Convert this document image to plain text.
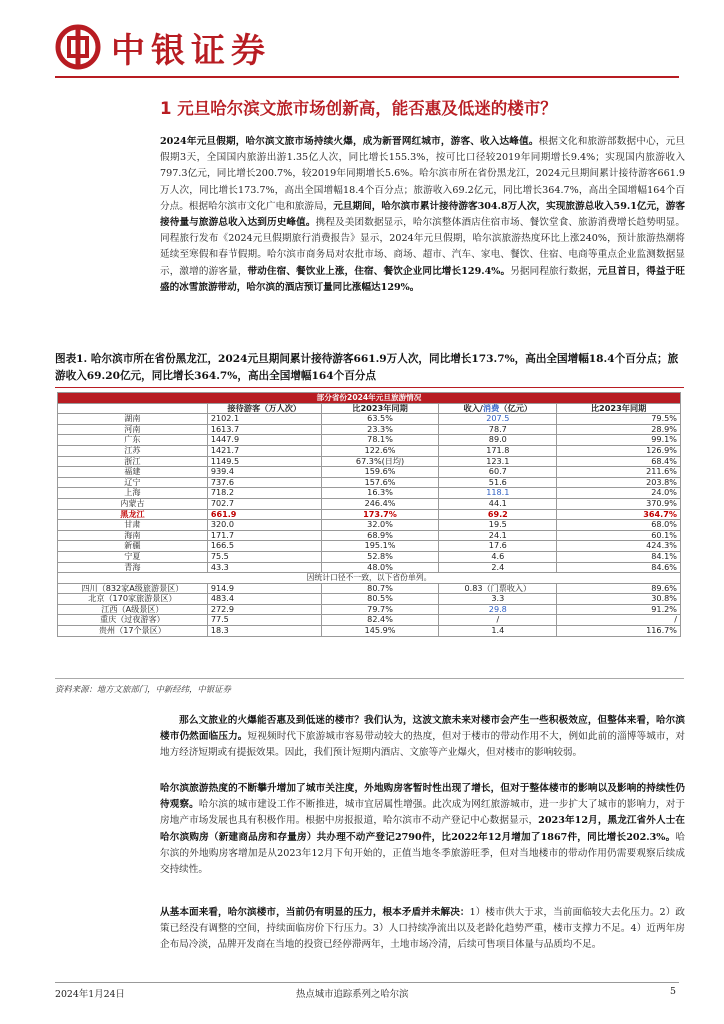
中银证券
1 元旦哈尔滨文旅市场创新高，能否惠及低迷的楼市？
2024年元旦假期，哈尔滨文旅市场持续火爆，成为新晋网红城市，游客、收入达峰值。根据文化和旅游部数据中心，元旦假期3天，全国国内旅游出游1.35亿人次，同比增长155.3%，按可比口径较2019年同期增长9.4%；实现国内旅游收入797.3亿元，同比增长200.7%，较2019年同期增长5.6%。哈尔滨市所在省份黑龙江，2024元旦期间累计接待游客661.9万人次，同比增长173.7%，高出全国增幅18.4个百分点；旅游收入69.2亿元，同比增长364.7%，高出全国增幅164个百分点。根据哈尔滨市文化广电和旅游局，元旦期间，哈尔滨市累计接待游客304.8万人次，实现旅游总收入59.1亿元，游客接待量与旅游总收入达到历史峰值。携程及美团数据显示，哈尔滨整体酒店住宿市场、餐饮堂食、旅游消费增长趋势明显。同程旅行发布《2024元旦假期旅行消费报告》显示，2024年元旦假期，哈尔滨旅游热度环比上涨240%，预计旅游热潮将延续至寒假和春节假期。哈尔滨市商务局对农批市场、商场、超市、汽车、家电、餐饮、住宿、电商等重点企业监测数据显示，激增的游客量，带动住宿、餐饮业上涨，住宿、餐饮企业同比增长129.4%。另据同程旅行数据，元旦首日，得益于旺盛的冰雪旅游带动，哈尔滨的酒店预订量同比涨幅达129%。
图表1. 哈尔滨市所在省份黑龙江，2024元旦期间累计接待游客661.9万人次，同比增长173.7%，高出全国增幅18.4个百分点；旅游收入69.20亿元，同比增长364.7%，高出全国增幅164个百分点
部分省份2024年元旦旅游情况				
	接待游客（万人次）	比2023年同期	收入/消费（亿元）	比2023年同期
湖南	2102.1	63.5%	207.5	79.5%
河南	1613.7	23.3%	78.7	28.9%
广东	1447.9	78.1%	89.0	99.1%
江苏	1421.7	122.6%	171.8	126.9%
浙江	1149.5	67.3%(日均)	123.1	68.4%
福建	939.4	159.6%	60.7	211.6%
辽宁	737.6	157.6%	51.6	203.8%
上海	718.2	16.3%	118.1	24.0%
内蒙古	702.7	246.4%	44.1	370.9%
黑龙江	661.9	173.7%	69.2	364.7%
甘肃	320.0	32.0%	19.5	68.0%
海南	171.7	68.9%	24.1	60.1%
新疆	166.5	195.1%	17.6	424.3%
宁夏	75.5	52.8%	4.6	84.1%
青海	43.3	48.0%	2.4	84.6%
因统计口径不一致，以下省份单列。				
四川（832家A级旅游景区）	914.9	80.7%	0.83（门票收入）	89.6%
北京（170家旅游景区）	483.4	80.5%	3.3	30.8%
江西（A级景区）	272.9	79.7%	29.8	91.2%
重庆（过夜游客）	77.5	82.4%	/	/
贵州（17个景区）	18.3	145.9%	1.4	116.7%
资料来源：地方文旅部门，中新经纬，中银证券
那么文旅业的火爆能否惠及到低迷的楼市？我们认为，这波文旅未来对楼市会产生一些积极效应，但整体来看，哈尔滨楼市仍然面临压力。短视频时代下旅游城市容易带动较大的热度，但对于楼市的带动作用不大，例如此前的淄博等城市，对地方经济短期或有提振效果。因此，我们预计短期内酒店、文旅等产业爆火，但对楼市的影响较弱。
哈尔滨旅游热度的不断攀升增加了城市关注度，外地购房客暂时性出现了增长，但对于整体楼市的影响以及影响的持续性仍待观察。哈尔滨的城市建设工作不断推进，城市宜居属性增强。此次成为网红旅游城市，进一步扩大了城市的影响力，对于房地产市场发展也具有积极作用。根据中房报报道，哈尔滨市不动产登记中心数据显示，2023年12月，黑龙江省外人士在哈尔滨购房（新建商品房和存量房）共办理不动产登记2790件，比2022年12月增加了1867件，同比增长202.3%。哈尔滨的外地购房客增加是从2023年12月下旬开始的，正值当地冬季旅游旺季，但对当地楼市的带动作用仍需要观察后续成交持续性。
从基本面来看，哈尔滨楼市，当前仍有明显的压力，根本矛盾并未解决：1）楼市供大于求，当前面临较大去化压力。2）政策已经没有调整的空间，持续面临房价下行压力。3）人口持续净流出以及老龄化趋势严重，楼市支撑力不足。4）近两年房企布局冷淡，品牌开发商在当地的投资已经停滞两年，土地市场冷清，后续可售项目体量与品质均不足。
2024年1月24日	热点城市追踪系列之哈尔滨	5
